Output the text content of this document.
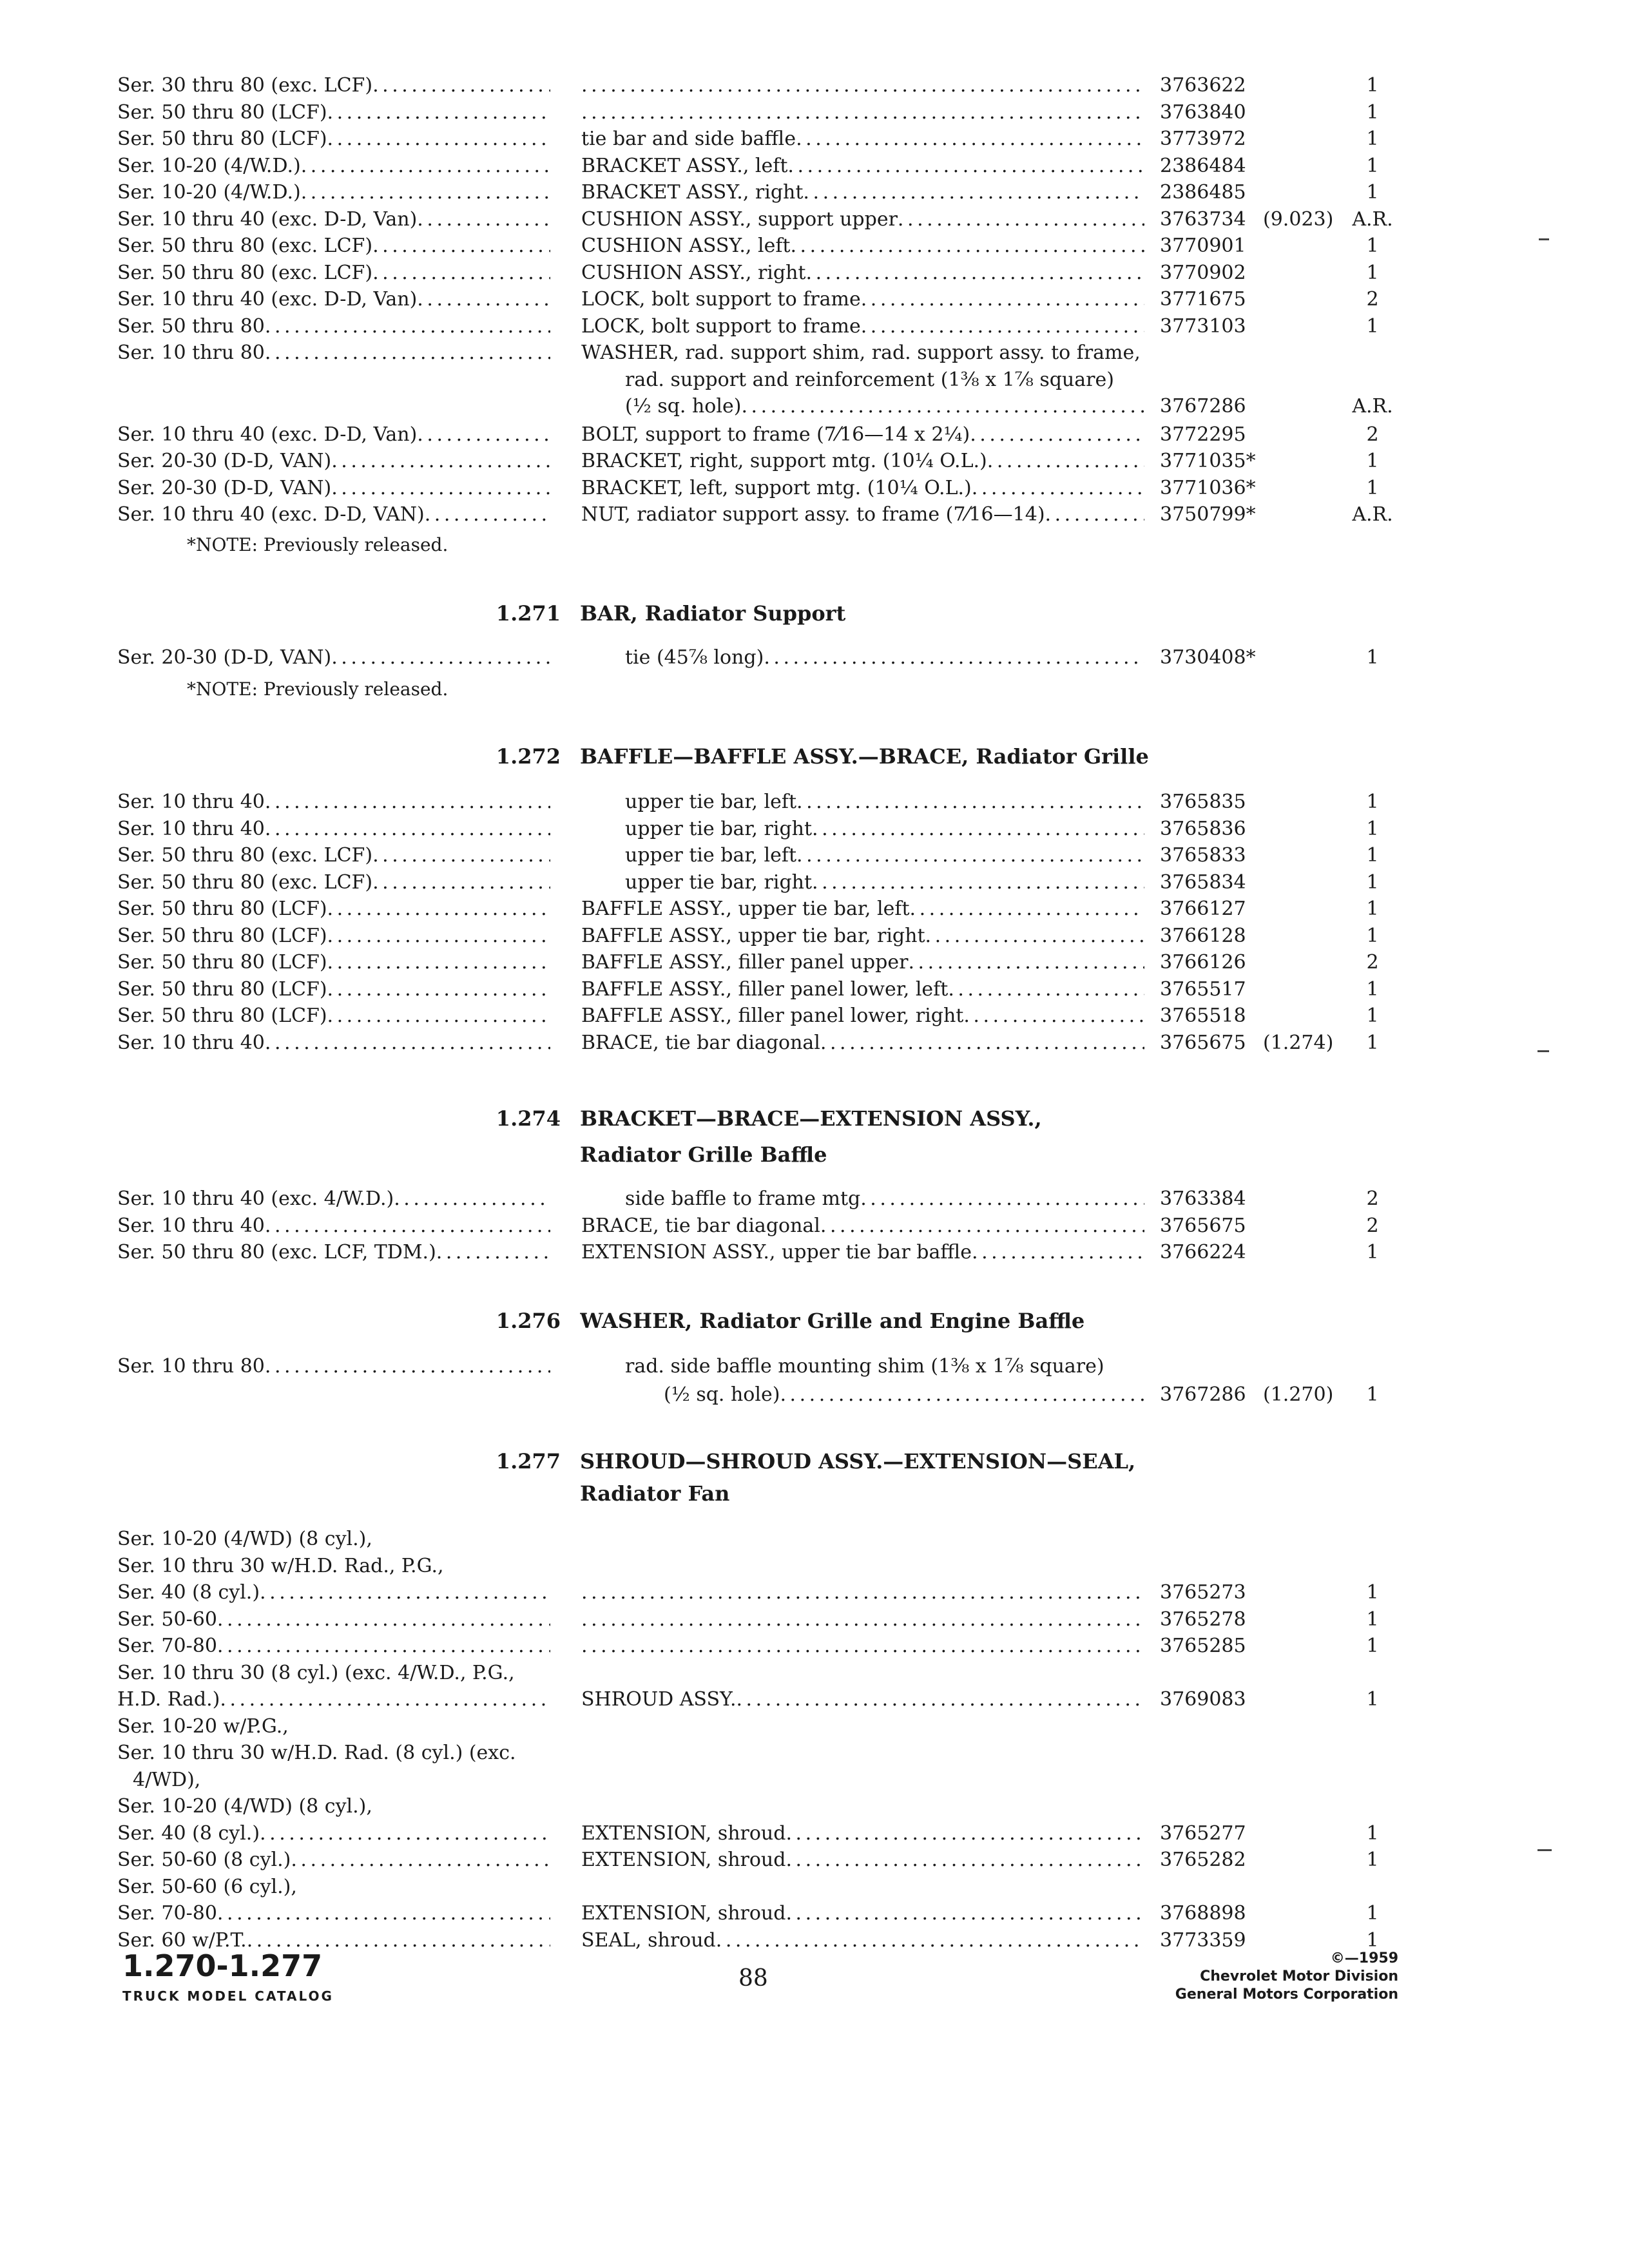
Ser. 30 thru 80 (exc. LCF) . . . . . .	3763622	1
Ser. 50 thru 80 (LCF) . . . . . .	3763840	1
Ser. 50 thru 80 (LCF) . . .	tie bar and side baffle . . .	3773972	1
Ser. 10-20 (4/W.D.) . . .	BRACKET ASSY., left . . .	2386484	1
Ser. 10-20 (4/W.D.) . . .	BRACKET ASSY., right . . .	2386485	1
Ser. 10 thru 40 (exc. D-D, Van) . . .	CUSHION ASSY., support upper . . .	3763734 (9.023) A.R.
Ser. 50 thru 80 (exc. LCF) . . .	CUSHION ASSY., left . . .	3770901	1
Ser. 50 thru 80 (exc. LCF) . . .	CUSHION ASSY., right . . .	3770902	1
Ser. 10 thru 40 (exc. D-D, Van) . . .	LOCK, bolt support to frame . . .	3771675	2
Ser. 50 thru 80 . . .	LOCK, bolt support to frame . . .	3773103	1
Ser. 10 thru 80 . . .	WASHER, rad. support shim, rad. support assy. to frame,
rad. support and reinforcement (1⅜ x 1⅞ square)
(½ sq. hole) . . .	3767286	A.R.
Ser. 10 thru 40 (exc. D-D, Van) . . .	BOLT, support to frame (7⁄16—14 x 2¼) . . .	3772295	2
Ser. 20-30 (D-D, VAN) . . .	BRACKET, right, support mtg. (10¼ O.L.) . . .	3771035*	1
Ser. 20-30 (D-D, VAN) . . .	BRACKET, left, support mtg. (10¼ O.L.) . . .	3771036*	1
Ser. 10 thru 40 (exc. D-D, VAN) . . .	NUT, radiator support assy. to frame (7⁄16—14) . . .	3750799*	A.R.
*NOTE: Previously released.
1.271 BAR, Radiator Support
Ser. 20-30 (D-D, VAN) . . .	tie (45⅞ long) . . .	3730408*	1
*NOTE: Previously released.
1.272 BAFFLE—BAFFLE ASSY.—BRACE, Radiator Grille
Ser. 10 thru 40 . . .	upper tie bar, left . . .	3765835	1
Ser. 10 thru 40 . . .	upper tie bar, right . . .	3765836	1
Ser. 50 thru 80 (exc. LCF) . . .	upper tie bar, left . . .	3765833	1
Ser. 50 thru 80 (exc. LCF) . . .	upper tie bar, right . . .	3765834	1
Ser. 50 thru 80 (LCF) . . .	BAFFLE ASSY., upper tie bar, left . . .	3766127	1
Ser. 50 thru 80 (LCF) . . .	BAFFLE ASSY., upper tie bar, right . . .	3766128	1
Ser. 50 thru 80 (LCF) . . .	BAFFLE ASSY., filler panel upper . . .	3766126	2
Ser. 50 thru 80 (LCF) . . .	BAFFLE ASSY., filler panel lower, left . . .	3765517	1
Ser. 50 thru 80 (LCF) . . .	BAFFLE ASSY., filler panel lower, right . . .	3765518	1
Ser. 10 thru 40 . . .	BRACE, tie bar diagonal . . .	3765675 (1.274)	1
1.274 BRACKET—BRACE—EXTENSION ASSY.,
Radiator Grille Baffle
Ser. 10 thru 40 (exc. 4/W.D.) . . .	side baffle to frame mtg . . .	3763384	2
Ser. 10 thru 40 . . .	BRACE, tie bar diagonal . . .	3765675	2
Ser. 50 thru 80 (exc. LCF, TDM.) . . .	EXTENSION ASSY., upper tie bar baffle . . .	3766224	1
1.276 WASHER, Radiator Grille and Engine Baffle
Ser. 10 thru 80 . . .	rad. side baffle mounting shim (1⅜ x 1⅞ square)
(½ sq. hole) . . .	3767286 (1.270)	1
1.277 SHROUD—SHROUD ASSY.—EXTENSION—SEAL,
Radiator Fan
Ser. 10-20 (4/WD) (8 cyl.),
Ser. 10 thru 30 w/H.D. Rad., P.G.,
Ser. 40 (8 cyl.) . . . . . .	3765273	1
Ser. 50-60 . . . . . .	3765278	1
Ser. 70-80 . . . . . .	3765285	1
Ser. 10 thru 30 (8 cyl.) (exc. 4/W.D., P.G.,
H.D. Rad.) . . .	SHROUD ASSY. . . .	3769083	1
Ser. 10-20 w/P.G.,
Ser. 10 thru 30 w/H.D. Rad. (8 cyl.) (exc.
4/WD),
Ser. 10-20 (4/WD) (8 cyl.),
Ser. 40 (8 cyl.) . . .	EXTENSION, shroud . . .	3765277	1
Ser. 50-60 (8 cyl.) . . .	EXTENSION, shroud . . .	3765282	1
Ser. 50-60 (6 cyl.),
Ser. 70-80 . . .	EXTENSION, shroud . . .	3768898	1
Ser. 60 w/P.T. . . .	SEAL, shroud . . .	3773359	1
1.270-1.277
TRUCK MODEL CATALOG
88
©—1959
Chevrolet Motor Division
General Motors Corporation
